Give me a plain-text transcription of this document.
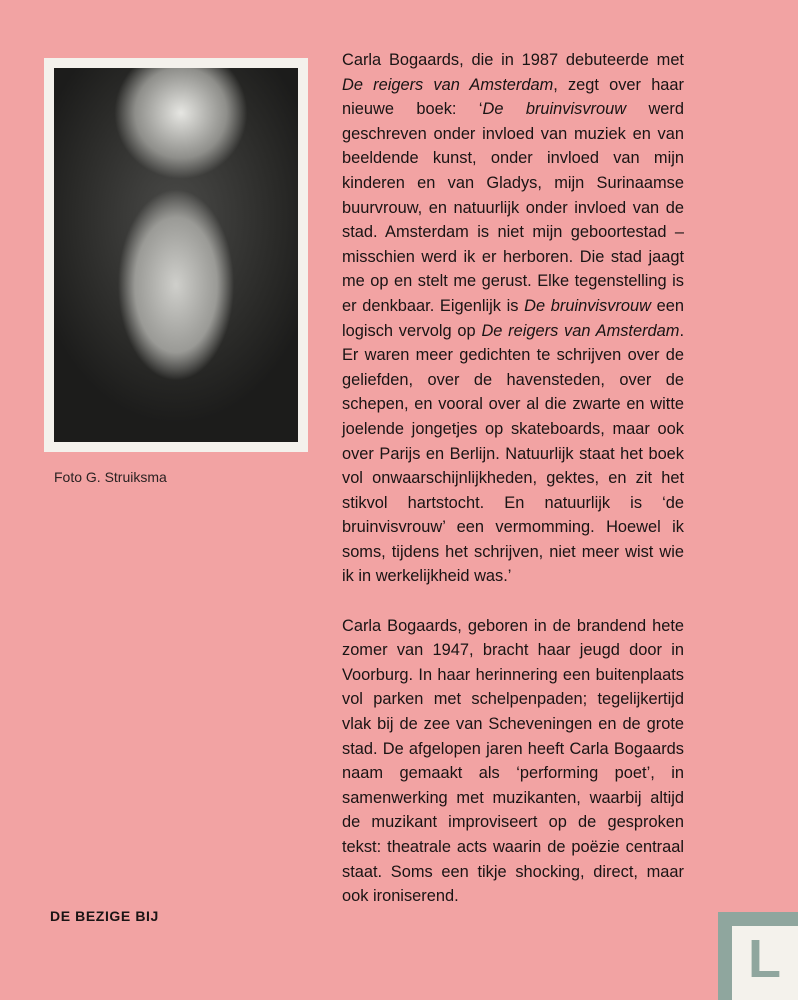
Foto G. Struiksma

Carla Bogaards, die in 1987 debuteerde met De reigers van Amsterdam, zegt over haar nieuwe boek: ‘De bruinvisvrouw werd geschreven onder invloed van muziek en van beeldende kunst, onder invloed van mijn kinderen en van Gladys, mijn Surinaamse buurvrouw, en natuurlijk onder invloed van de stad. Amsterdam is niet mijn geboortestad – misschien werd ik er herboren. Die stad jaagt me op en stelt me gerust. Elke tegenstelling is er denkbaar. Eigenlijk is De bruinvisvrouw een logisch vervolg op De reigers van Amsterdam. Er waren meer gedichten te schrijven over de geliefden, over de havensteden, over de schepen, en vooral over al die zwarte en witte joelende jongetjes op skateboards, maar ook over Parijs en Berlijn. Natuurlijk staat het boek vol onwaarschijnlijkheden, gektes, en zit het stikvol hartstocht. En natuurlijk is ‘de bruinvisvrouw’ een vermomming. Hoewel ik soms, tijdens het schrijven, niet meer wist wie ik in werkelijkheid was.’

Carla Bogaards, geboren in de brandend hete zomer van 1947, bracht haar jeugd door in Voorburg. In haar herinnering een buitenplaats vol parken met schelpenpaden; tegelijkertijd vlak bij de zee van Scheveningen en de grote stad. De afgelopen jaren heeft Carla Bogaards naam gemaakt als ‘performing poet’, in samenwerking met muzikanten, waarbij altijd de muzikant improviseert op de gesproken tekst: theatrale acts waarin de poëzie centraal staat. Soms een tikje shocking, direct, maar ook ironiserend.

DE BEZIGE BIJ
L
